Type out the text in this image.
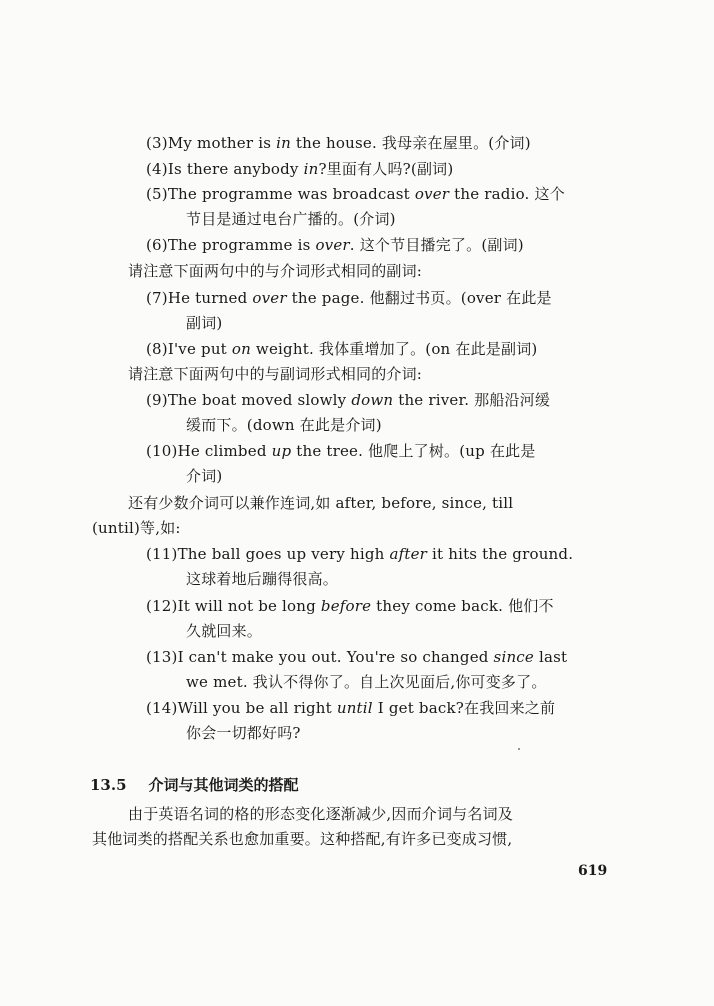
(3)My mother is in the house. 我母亲在屋里。(介词)
(4)Is there anybody in?里面有人吗?(副词)
(5)The programme was broadcast over the radio. 这个
节目是通过电台广播的。(介词)
(6)The programme is over. 这个节目播完了。(副词)
请注意下面两句中的与介词形式相同的副词:
(7)He turned over the page. 他翻过书页。(over 在此是
副词)
(8)I've put on weight. 我体重增加了。(on 在此是副词)
请注意下面两句中的与副词形式相同的介词:
(9)The boat moved slowly down the river. 那船沿河缓
缓而下。(down 在此是介词)
(10)He climbed up the tree. 他爬上了树。(up 在此是
介词)
还有少数介词可以兼作连词,如 after, before, since, till
(until)等,如:
(11)The ball goes up very high after it hits the ground.
这球着地后蹦得很高。
(12)It will not be long before they come back. 他们不
久就回来。
(13)I can't make you out. You're so changed since last
we met. 我认不得你了。自上次见面后,你可变多了。
(14)Will you be all right until I get back?在我回来之前
你会一切都好吗?
13.5 介词与其他词类的搭配
由于英语名词的格的形态变化逐渐减少,因而介词与名词及
其他词类的搭配关系也愈加重要。这种搭配,有许多已变成习惯,
619
